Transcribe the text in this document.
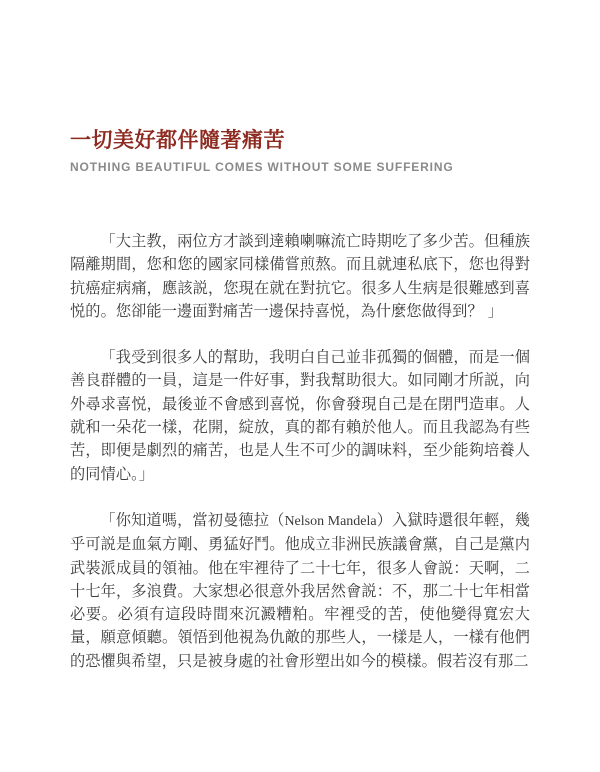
一切美好都伴隨著痛苦
NOTHING BEAUTIFUL COMES WITHOUT SOME SUFFERING

「大主教，兩位方才談到達賴喇嘛流亡時期吃了多少苦。但種族隔離期間，您和您的國家同樣備嘗煎熬。而且就連私底下，您也得對抗癌症病痛，應該説，您現在就在對抗它。很多人生病是很難感到喜悦的。您卻能一邊面對痛苦一邊保持喜悦，為什麼您做得到？ 」

「我受到很多人的幫助，我明白自己並非孤獨的個體，而是一個善良群體的一員，這是一件好事，對我幫助很大。如同剛才所説，向外尋求喜悦，最後並不會感到喜悦，你會發現自己是在閉門造車。人就和一朵花一樣，花開，綻放，真的都有賴於他人。而且我認為有些苦，即便是劇烈的痛苦，也是人生不可少的調味料，至少能夠培養人的同情心。」

「你知道嗎，當初曼德拉（Nelson Mandela）入獄時還很年輕，幾乎可説是血氣方剛、勇猛好鬥。他成立非洲民族議會黨，自己是黨内武裝派成員的領袖。他在牢裡待了二十七年，很多人會説：天啊，二十七年，多浪費。大家想必很意外我居然會説：不，那二十七年相當必要。必須有這段時間來沉澱糟粕。牢裡受的苦，使他變得寬宏大量，願意傾聽。領悟到他視為仇敵的那些人，一樣是人，一樣有他們的恐懼與希望，只是被身處的社會形塑出如今的模樣。假若沒有那二
